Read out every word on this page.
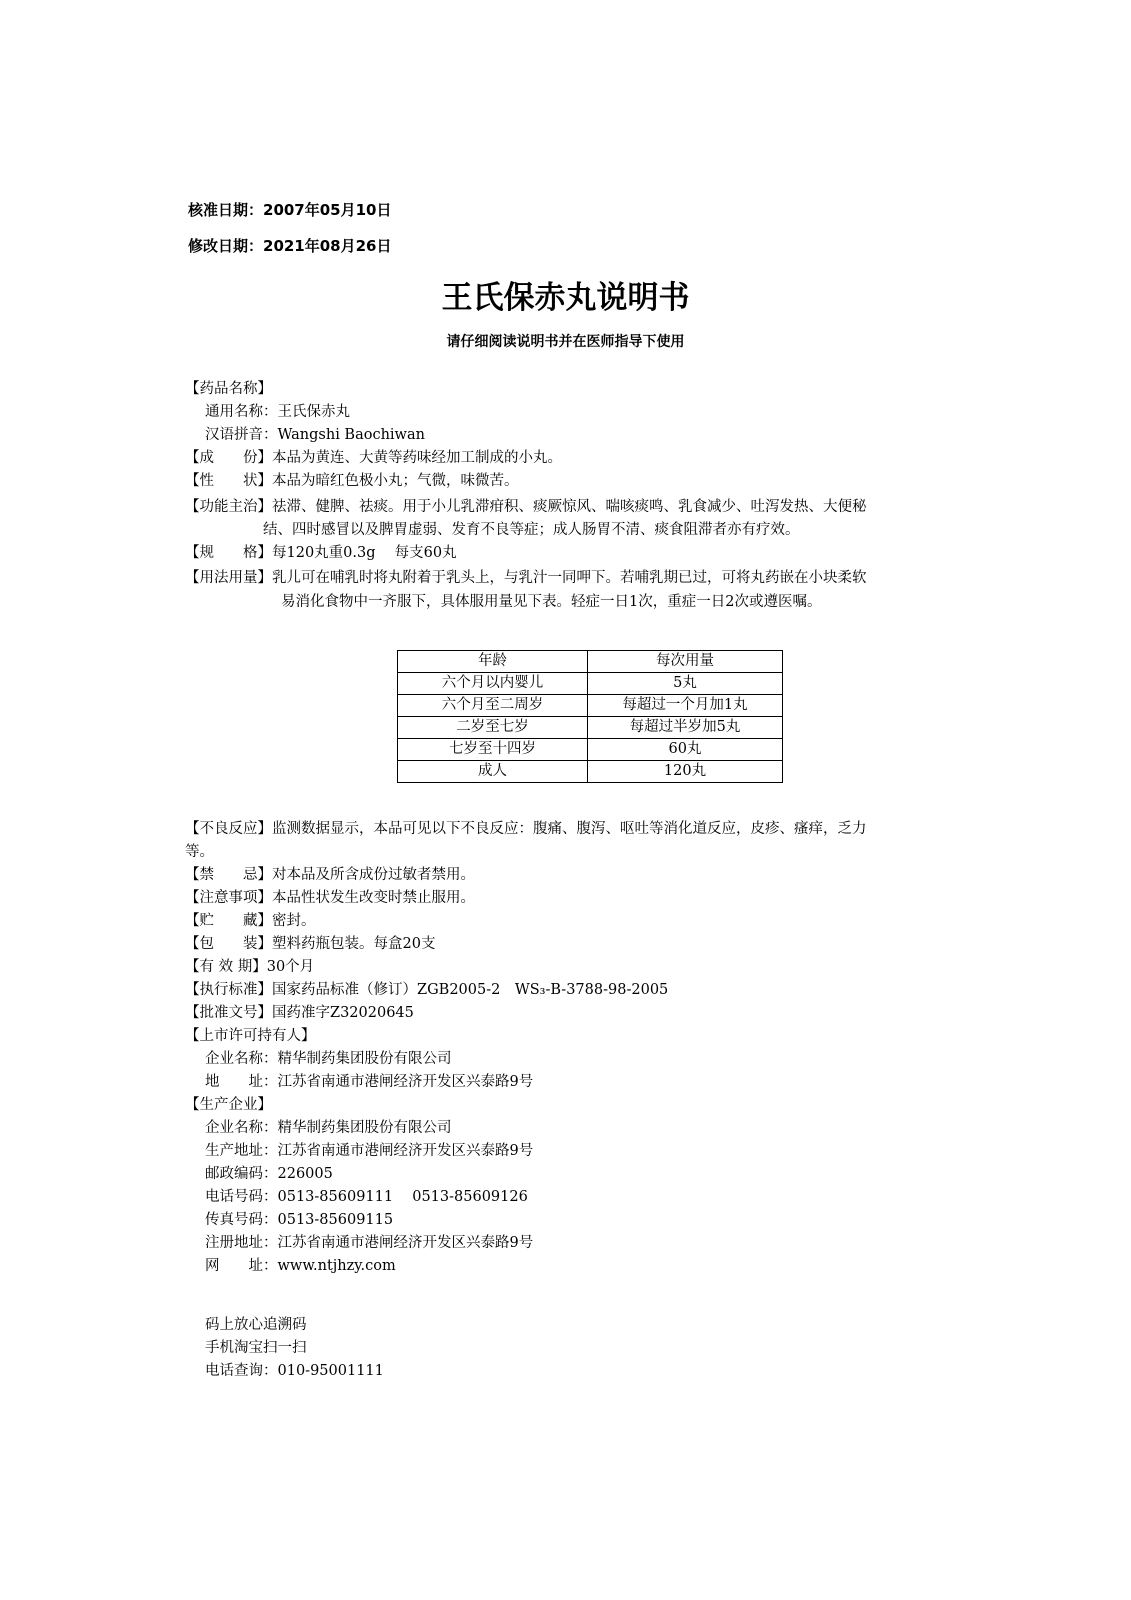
核准日期：2007年05月10日
修改日期：2021年08月26日
王氏保赤丸说明书
请仔细阅读说明书并在医师指导下使用
【药品名称】
通用名称：王氏保赤丸
汉语拼音：Wangshi Baochiwan
【成　　份】本品为黄连、大黄等药味经加工制成的小丸。
【性　　状】本品为暗红色极小丸；气微，味微苦。
【功能主治】祛滞、健脾、祛痰。用于小儿乳滞疳积、痰厥惊风、喘咳痰鸣、乳食减少、吐泻发热、大便秘
结、四时感冒以及脾胃虚弱、发育不良等症；成人肠胃不清、痰食阻滞者亦有疗效。
【规　　格】每120丸重0.3g　 每支60丸
【用法用量】乳儿可在哺乳时将丸附着于乳头上，与乳汁一同呷下。若哺乳期已过，可将丸药嵌在小块柔软
易消化食物中一齐服下，具体服用量见下表。轻症一日1次，重症一日2次或遵医嘱。
年龄	每次用量
六个月以内婴儿	5丸
六个月至二周岁	每超过一个月加1丸
二岁至七岁	每超过半岁加5丸
七岁至十四岁	60丸
成人	120丸
【不良反应】监测数据显示，本品可见以下不良反应：腹痛、腹泻、呕吐等消化道反应，皮疹、瘙痒，乏力
等。
【禁　　忌】对本品及所含成份过敏者禁用。
【注意事项】本品性状发生改变时禁止服用。
【贮　　藏】密封。
【包　　装】塑料药瓶包装。每盒20支
【有 效 期】30个月
【执行标准】国家药品标准（修订）ZGB2005-2　WS₃-B-3788-98-2005
【批准文号】国药准字Z32020645
【上市许可持有人】
企业名称：精华制药集团股份有限公司
地　　址：江苏省南通市港闸经济开发区兴泰路9号
【生产企业】
企业名称：精华制药集团股份有限公司
生产地址：江苏省南通市港闸经济开发区兴泰路9号
邮政编码：226005
电话号码：0513-85609111　 0513-85609126
传真号码：0513-85609115
注册地址：江苏省南通市港闸经济开发区兴泰路9号
网　　址：www.ntjhzy.com
码上放心追溯码
手机淘宝扫一扫
电话查询：010-95001111
